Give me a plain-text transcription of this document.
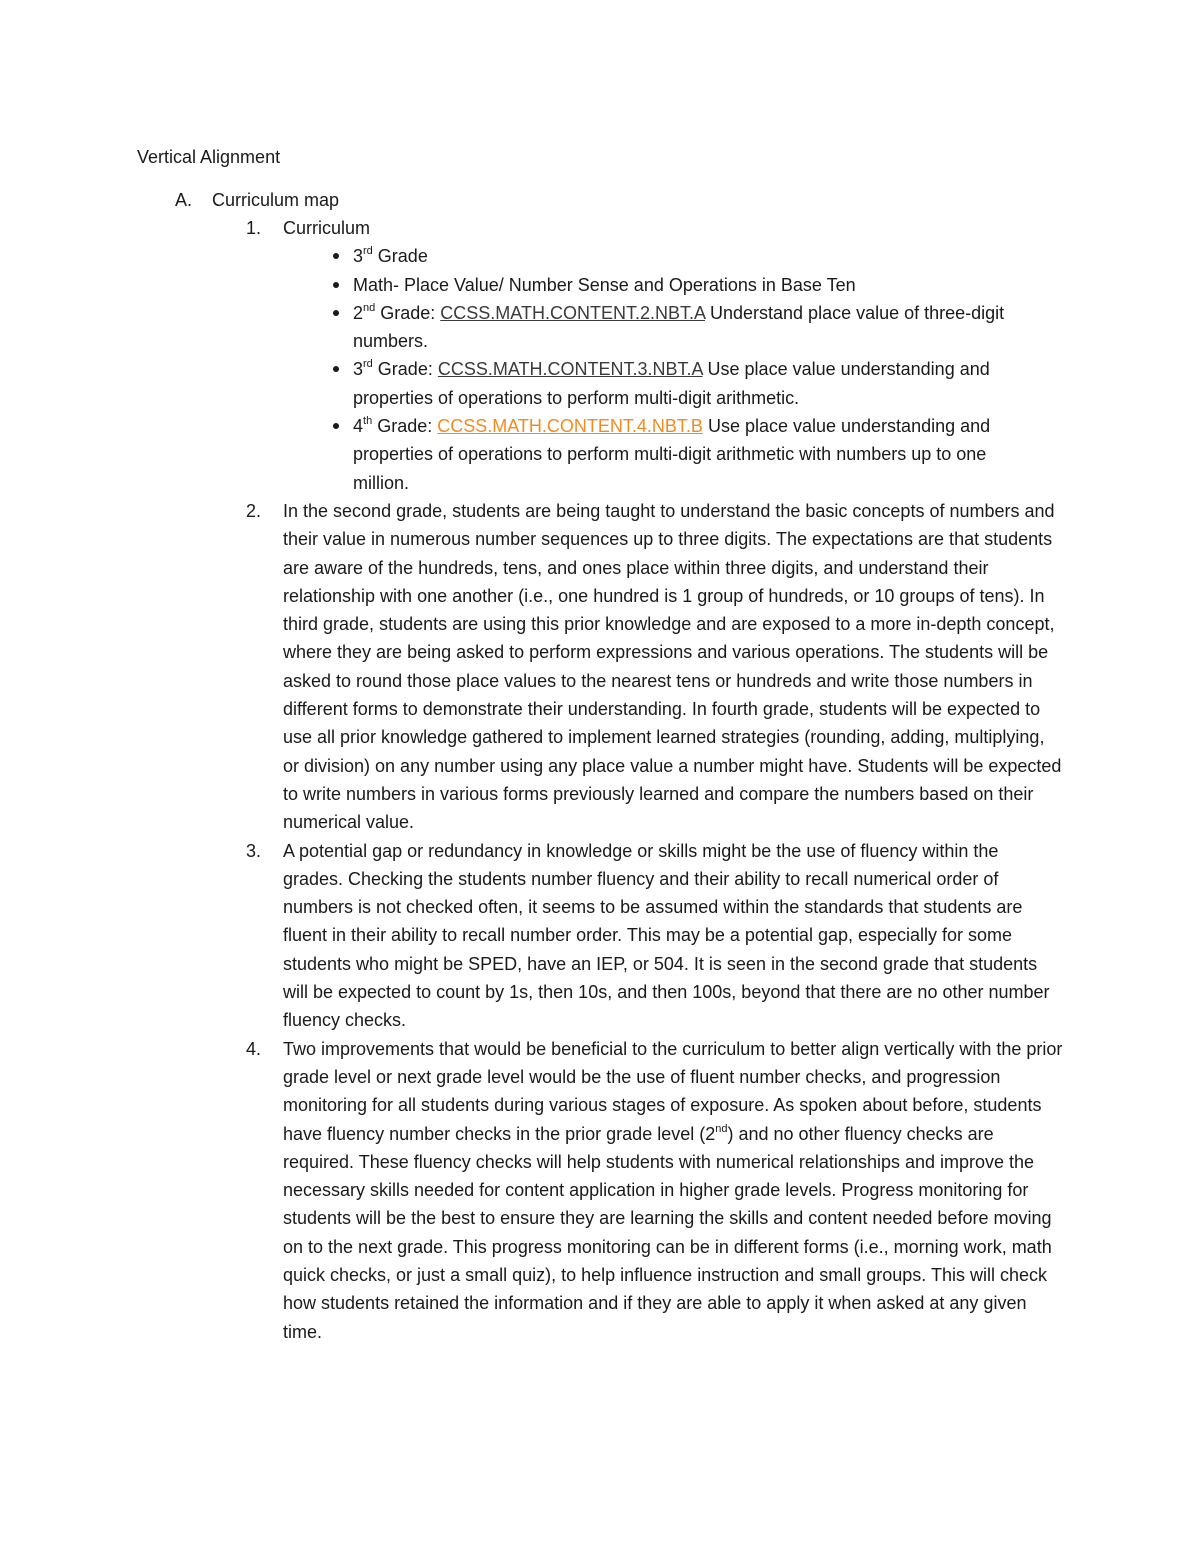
Vertical Alignment
A. Curriculum map
1. Curriculum
3rd Grade
Math- Place Value/ Number Sense and Operations in Base Ten
2nd Grade: CCSS.MATH.CONTENT.2.NBT.A Understand place value of three-digit numbers.
3rd Grade: CCSS.MATH.CONTENT.3.NBT.A Use place value understanding and properties of operations to perform multi-digit arithmetic.
4th Grade: CCSS.MATH.CONTENT.4.NBT.B Use place value understanding and properties of operations to perform multi-digit arithmetic with numbers up to one million.
2. In the second grade, students are being taught to understand the basic concepts of numbers and their value in numerous number sequences up to three digits. The expectations are that students are aware of the hundreds, tens, and ones place within three digits, and understand their relationship with one another (i.e., one hundred is 1 group of hundreds, or 10 groups of tens). In third grade, students are using this prior knowledge and are exposed to a more in-depth concept, where they are being asked to perform expressions and various operations. The students will be asked to round those place values to the nearest tens or hundreds and write those numbers in different forms to demonstrate their understanding. In fourth grade, students will be expected to use all prior knowledge gathered to implement learned strategies (rounding, adding, multiplying, or division) on any number using any place value a number might have. Students will be expected to write numbers in various forms previously learned and compare the numbers based on their numerical value.

3. A potential gap or redundancy in knowledge or skills might be the use of fluency within the grades. Checking the students number fluency and their ability to recall numerical order of numbers is not checked often, it seems to be assumed within the standards that students are fluent in their ability to recall number order. This may be a potential gap, especially for some students who might be SPED, have an IEP, or 504. It is seen in the second grade that students will be expected to count by 1s, then 10s, and then 100s, beyond that there are no other number fluency checks.

4. Two improvements that would be beneficial to the curriculum to better align vertically with the prior grade level or next grade level would be the use of fluent number checks, and progression monitoring for all students during various stages of exposure. As spoken about before, students have fluency number checks in the prior grade level (2nd) and no other fluency checks are required. These fluency checks will help students with numerical relationships and improve the necessary skills needed for content application in higher grade levels. Progress monitoring for students will be the best to ensure they are learning the skills and content needed before moving on to the next grade. This progress monitoring can be in different forms (i.e., morning work, math quick checks, or just a small quiz), to help influence instruction and small groups. This will check how students retained the information and if they are able to apply it when asked at any given time.
